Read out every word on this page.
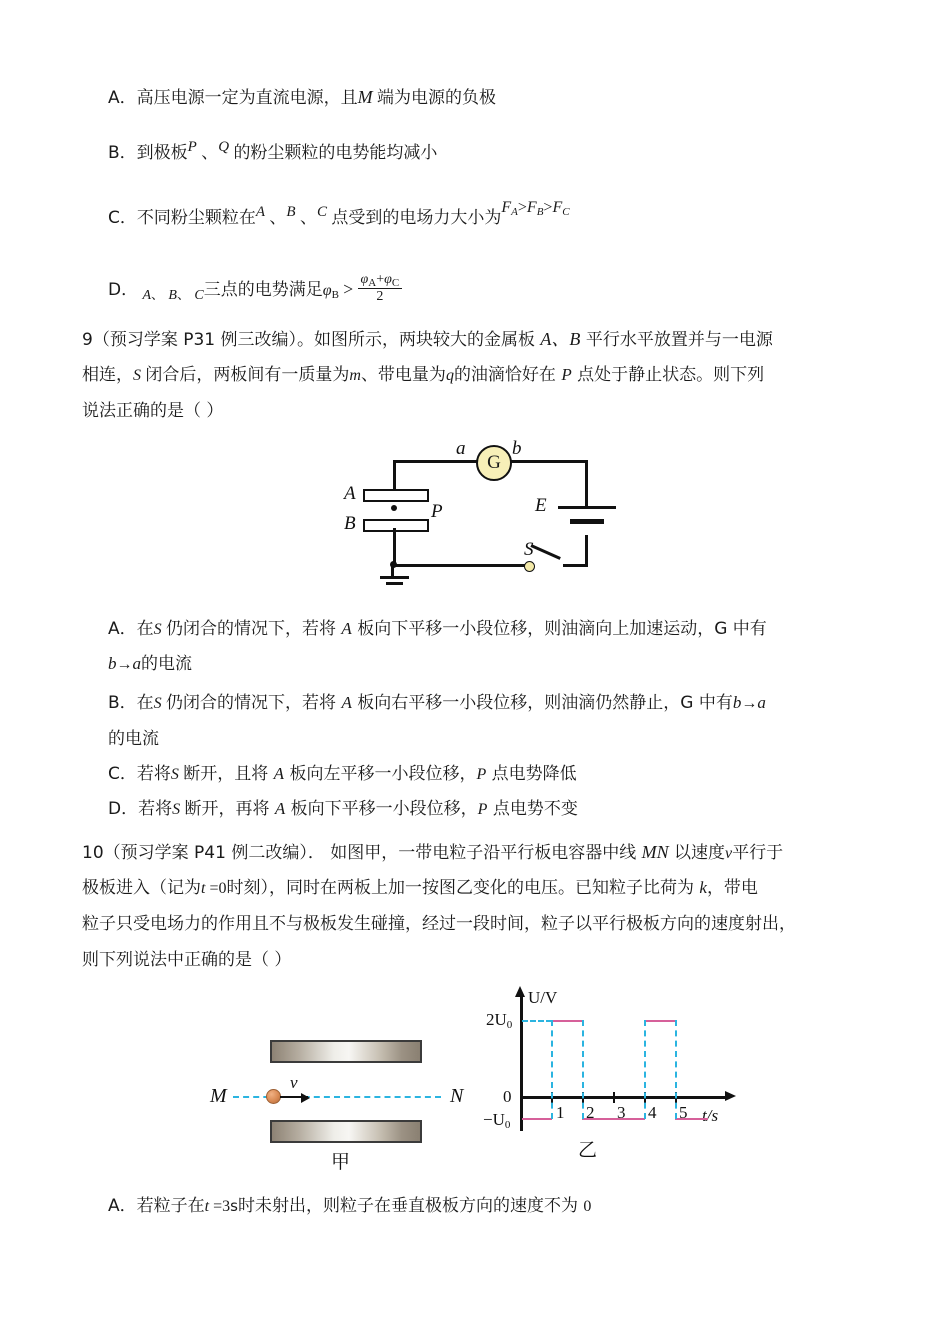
A．高压电源一定为直流电源，且M 端为电源的负极
B．到极板P 、Q 的粉尘颗粒的电势能均减小
C．不同粉尘颗粒在A 、B 、C 点受到的电场力大小为FA>FB>FC
D． $_{A、}$ $_{B、}$ $_C$三点的电势满足$\varphi B > \frac{\varphi_A+\varphi_C}{2}$
9（预习学案 P31 例三改编）。如图所示，两块较大的金属板 A、B 平行水平放置并与一电源
相连，S 闭合后，两板间有一质量为m、带电量为q的油滴恰好在 P 点处于静止状态。则下列
说法正确的是（ ）
G
a b
A
B
P
S
E
A．在S 仍闭合的情况下，若将 A 板向下平移一小段位移，则油滴向上加速运动，G 中有
b→a的电流
B．在S 仍闭合的情况下，若将 A 板向右平移一小段位移，则油滴仍然静止，G 中有b→a
的电流
C．若将S 断开，且将 A 板向左平移一小段位移，P 点电势降低
D．若将S 断开，再将 A 板向下平移一小段位移，P 点电势不变
10（预习学案 P41 例二改编）． 如图甲，一带电粒子沿平行板电容器中线 MN 以速度v平行于
极板进入（记为t =0时刻），同时在两板上加一按图乙变化的电压。已知粒子比荷为 k，带电
粒子只受电场力的作用且不与极板发生碰撞，经过一段时间，粒子以平行极板方向的速度射出，
则下列说法中正确的是（ ）
M	N
v
甲
U/V
t/s
2U0
−U0
0
1 2 3 4 5
乙
A．若粒子在t =3s时未射出，则粒子在垂直极板方向的速度不为 0
